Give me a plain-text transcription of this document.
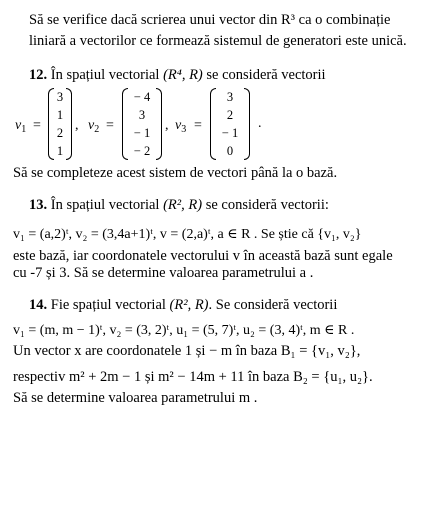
Să se verifice dacă scrierea unui vector din R³ ca o combinație
liniară a vectorilor ce formează sistemul de generatori este unică.
12. În spațiul vectorial (R⁴, R) se consideră vectorii
$v_1$ =
3
1
2
1
, $v_2$ =
− 4
3
− 1
− 2
, $v_3$ =
3
2
− 1
0
.
Să se completeze acest sistem de vectori până la o bază.
13. În spațiul vectorial (R², R) se consideră vectorii:
v₁ = (a,2)ᵗ, v₂ = (3,4a+1)ᵗ, v = (2,a)ᵗ, a ∈ R . Se știe că {v₁, v₂}
este bază, iar coordonatele vectorului v în această bază sunt egale
cu -7 și 3. Să se determine valoarea parametrului a .
14. Fie spațiul vectorial (R², R). Se consideră vectorii
v₁ = (m, m − 1)ᵗ, v₂ = (3, 2)ᵗ, u₁ = (5, 7)ᵗ, u₂ = (3, 4)ᵗ, m ∈ R .
Un vector x are coordonatele 1 și − m în baza B₁ = {v₁, v₂},
respectiv m² + 2m − 1 și m² − 14m + 11 în baza B₂ = {u₁, u₂}.
Să se determine valoarea parametrului m .
